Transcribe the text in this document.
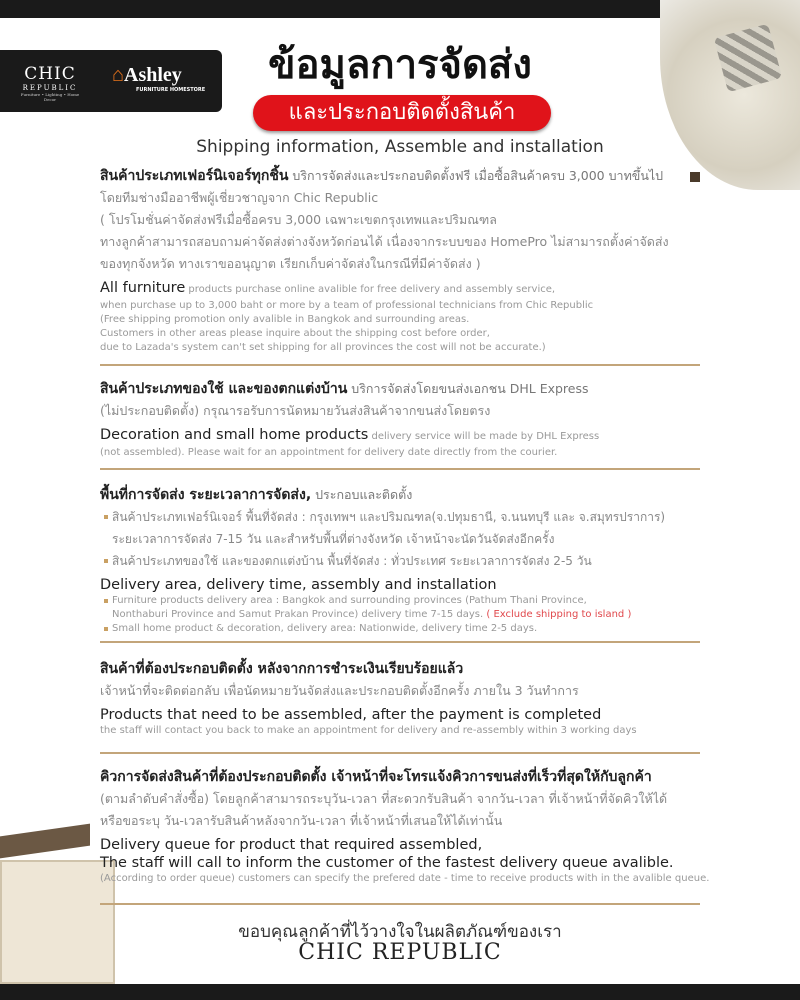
CHIC
REPUBLIC
Furniture • Lighting • Home Decor
⌂Ashley
FURNITURE HOMESTORE
ข้อมูลการจัดส่ง
และประกอบติดตั้งสินค้า
Shipping information, Assemble and installation
สินค้าประเภทเฟอร์นิเจอร์ทุกชิ้น บริการจัดส่งและประกอบติดตั้งฟรี เมื่อซื้อสินค้าครบ 3,000 บาทขึ้นไป
โดยทีมช่างมืออาชีพผู้เชี่ยวชาญจาก Chic Republic
( โปรโมชั่นค่าจัดส่งฟรีเมื่อซื้อครบ 3,000 เฉพาะเขตกรุงเทพและปริมณฑล
ทางลูกค้าสามารถสอบถามค่าจัดส่งต่างจังหวัดก่อนได้ เนื่องจากระบบของ HomePro ไม่สามารถตั้งค่าจัดส่ง
ของทุกจังหวัด ทางเราขออนุญาต เรียกเก็บค่าจัดส่งในกรณีที่มีค่าจัดส่ง )
All furniture products purchase online avalible for free delivery and assembly service,
when purchase up to 3,000 baht or more by a team of professional technicians from Chic Republic
(Free shipping promotion only avalible in Bangkok and surrounding areas.
Customers in other areas please inquire about the shipping cost before order,
due to Lazada's system can't set shipping for all provinces the cost will not be accurate.)
สินค้าประเภทของใช้ และของตกแต่งบ้าน บริการจัดส่งโดยขนส่งเอกชน DHL Express
(ไม่ประกอบติดตั้ง) กรุณารอรับการนัดหมายวันส่งสินค้าจากขนส่งโดยตรง
Decoration and small home products delivery service will be made by DHL Express
(not assembled). Please wait for an appointment for delivery date directly from the courier.
พื้นที่การจัดส่ง ระยะเวลาการจัดส่ง, ประกอบและติดตั้ง
สินค้าประเภทเฟอร์นิเจอร์ พื้นที่จัดส่ง : กรุงเทพฯ และปริมณฑล(จ.ปทุมธานี, จ.นนทบุรี และ จ.สมุทรปราการ)
ระยะเวลาการจัดส่ง 7-15 วัน และสำหรับพื้นที่ต่างจังหวัด เจ้าหน้าจะนัดวันจัดส่งอีกครั้ง
สินค้าประเภทของใช้ และของตกแต่งบ้าน พื้นที่จัดส่ง : ทั่วประเทศ ระยะเวลาการจัดส่ง 2-5 วัน
Delivery area, delivery time, assembly and installation
Furniture products delivery area : Bangkok and surrounding provinces (Pathum Thani Province,
Nonthaburi Province and Samut Prakan Province) delivery time 7-15 days. ( Exclude shipping to island )
Small home product & decoration, delivery area: Nationwide, delivery time 2-5 days.
สินค้าที่ต้องประกอบติดตั้ง หลังจากการชำระเงินเรียบร้อยแล้ว
เจ้าหน้าที่จะติดต่อกลับ เพื่อนัดหมายวันจัดส่งและประกอบติดตั้งอีกครั้ง ภายใน 3 วันทำการ
Products that need to be assembled, after the payment is completed
the staff will contact you back to make an appointment for delivery and re-assembly within 3 working days
คิวการจัดส่งสินค้าที่ต้องประกอบติดตั้ง เจ้าหน้าที่จะโทรแจ้งคิวการขนส่งที่เร็วที่สุดให้กับลูกค้า
(ตามลำดับคำสั่งซื้อ) โดยลูกค้าสามารถระบุวัน-เวลา ที่สะดวกรับสินค้า จากวัน-เวลา ที่เจ้าหน้าที่จัดคิวให้ได้
หรือขอระบุ วัน-เวลารับสินค้าหลังจากวัน-เวลา ที่เจ้าหน้าที่เสนอให้ได้เท่านั้น
Delivery queue for product that required assembled,
The staff will call to inform the customer of the fastest delivery queue avalible.
(According to order queue) customers can specify the prefered date - time to receive products with in the avalible queue.
ขอบคุณลูกค้าที่ไว้วางใจในผลิตภัณฑ์ของเรา
CHIC REPUBLIC
